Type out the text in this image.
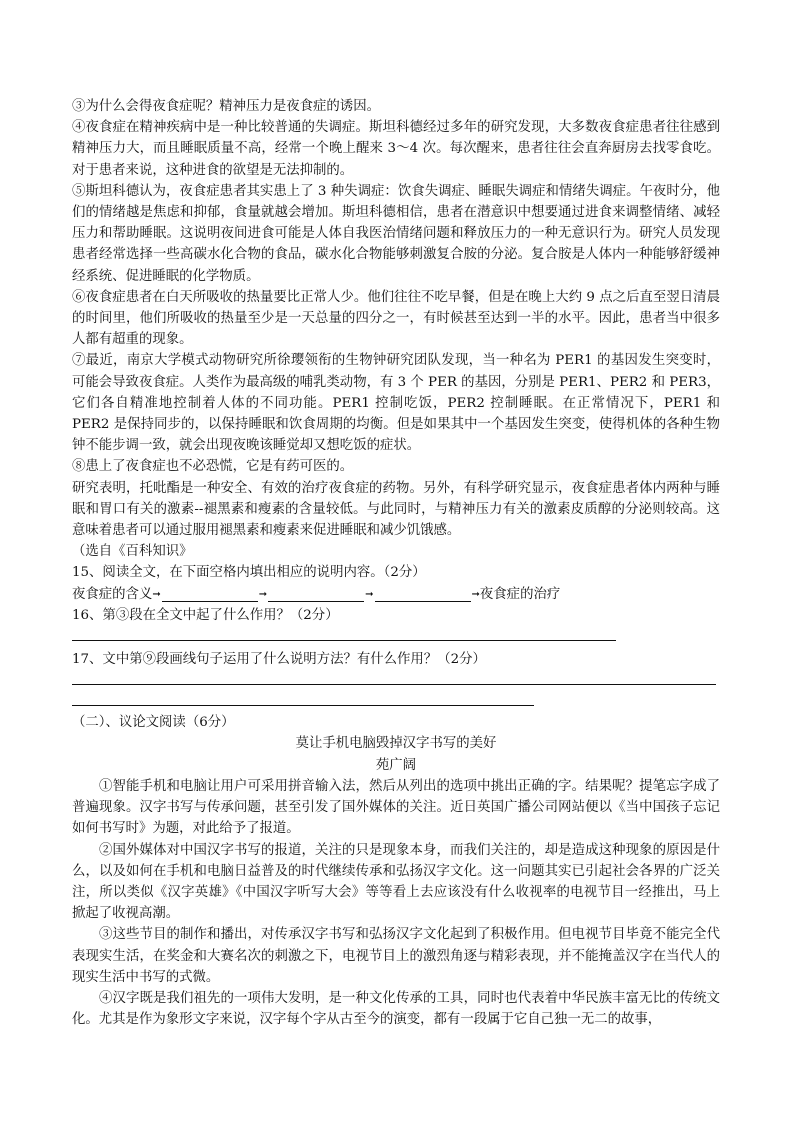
③为什么会得夜食症呢？精神压力是夜食症的诱因。

④夜食症在精神疾病中是一种比较普通的失调症。斯坦科德经过多年的研究发现，大多数夜食症患者往往感到精神压力大，而且睡眠质量不高，经常一个晚上醒来 3～4 次。每次醒来，患者往往会直奔厨房去找零食吃。对于患者来说，这种进食的欲望是无法抑制的。

⑤斯坦科德认为，夜食症患者其实患上了 3 种失调症：饮食失调症、睡眠失调症和情绪失调症。午夜时分，他们的情绪越是焦虑和抑郁，食量就越会增加。斯坦科德相信，患者在潜意识中想要通过进食来调整情绪、减轻压力和帮助睡眠。这说明夜间进食可能是人体自我医治情绪问题和释放压力的一种无意识行为。研究人员发现患者经常选择一些高碳水化合物的食品，碳水化合物能够刺激复合胺的分泌。复合胺是人体内一种能够舒缓神经系统、促进睡眠的化学物质。

⑥夜食症患者在白天所吸收的热量要比正常人少。他们往往不吃早餐，但是在晚上大约 9 点之后直至翌日清晨的时间里，他们所吸收的热量至少是一天总量的四分之一，有时候甚至达到一半的水平。因此，患者当中很多人都有超重的现象。

⑦最近，南京大学模式动物研究所徐璎领衔的生物钟研究团队发现，当一种名为 PER1 的基因发生突变时，可能会导致夜食症。人类作为最高级的哺乳类动物，有 3 个 PER 的基因，分别是 PER1、PER2 和 PER3，它们各自精准地控制着人体的不同功能。PER1 控制吃饭，PER2 控制睡眠。在正常情况下，PER1 和 PER2 是保持同步的，以保持睡眠和饮食周期的均衡。但是如果其中一个基因发生突变，使得机体的各种生物钟不能步调一致，就会出现夜晚该睡觉却又想吃饭的症状。

⑧患上了夜食症也不必恐慌，它是有药可医的。

研究表明，托吡酯是一种安全、有效的治疗夜食症的药物。另外，有科学研究显示，夜食症患者体内两种与睡眠和胃口有关的激素--褪黑素和瘦素的含量较低。与此同时，与精神压力有关的激素皮质醇的分泌则较高。这意味着患者可以通过服用褪黑素和瘦素来促进睡眠和减少饥饿感。

（选自《百科知识》

15、阅读全文，在下面空格内填出相应的说明内容。（2分）

夜食症的含义 ➞	➞	➞	➞ 夜食症的治疗

16、第③段在全文中起了什么作用？（2分）

17、文中第⑨段画线句子运用了什么说明方法？有什么作用？（2分）

（二）、议论文阅读（6分）

莫让手机电脑毁掉汉字书写的美好

苑广阔

①智能手机和电脑让用户可采用拼音输入法，然后从列出的选项中挑出正确的字。结果呢？提笔忘字成了普遍现象。汉字书写与传承问题，甚至引发了国外媒体的关注。近日英国广播公司网站便以《当中国孩子忘记如何书写时》为题，对此给予了报道。

②国外媒体对中国汉字书写的报道，关注的只是现象本身，而我们关注的，却是造成这种现象的原因是什么，以及如何在手机和电脑日益普及的时代继续传承和弘扬汉字文化。这一问题其实已引起社会各界的广泛关注，所以类似《汉字英雄》《中国汉字听写大会》等等看上去应该没有什么收视率的电视节目一经推出，马上掀起了收视高潮。

③这些节目的制作和播出，对传承汉字书写和弘扬汉字文化起到了积极作用。但电视节目毕竟不能完全代表现实生活，在奖金和大赛名次的刺激之下，电视节目上的激烈角逐与精彩表现，并不能掩盖汉字在当代人的现实生活中书写的式微。

④汉字既是我们祖先的一项伟大发明，是一种文化传承的工具，同时也代表着中华民族丰富无比的传统文化。尤其是作为象形文字来说，汉字每个字从古至今的演变，都有一段属于它自己独一无二的故事，
